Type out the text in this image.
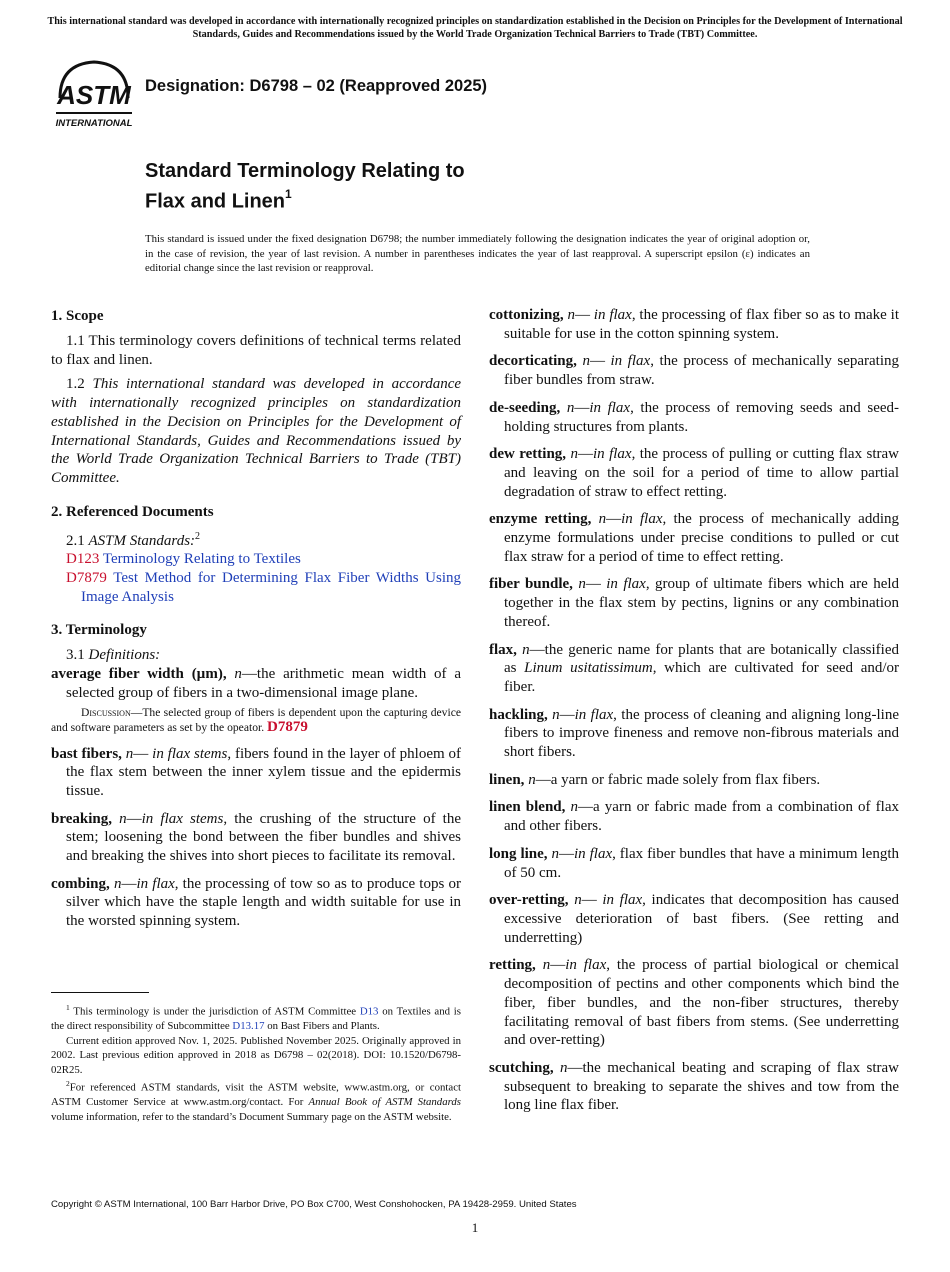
This international standard was developed in accordance with internationally recognized principles on standardization established in the Decision on Principles for the Development of International Standards, Guides and Recommendations issued by the World Trade Organization Technical Barriers to Trade (TBT) Committee.
ASTM
INTERNATIONAL
Designation: D6798 – 02 (Reapproved 2025)
Standard Terminology Relating to
Flax and Linen$^1$
This standard is issued under the fixed designation D6798; the number immediately following the designation indicates the year of original adoption or, in the case of revision, the year of last revision. A number in parentheses indicates the year of last reapproval. A superscript epsilon (ε) indicates an editorial change since the last revision or reapproval.
1. Scope

1.1 This terminology covers definitions of technical terms related to flax and linen.

1.2 This international standard was developed in accordance with internationally recognized principles on standardization established in the Decision on Principles for the Development of International Standards, Guides and Recommendations issued by the World Trade Organization Technical Barriers to Trade (TBT) Committee.

2. Referenced Documents

2.1 ASTM Standards:$^2$

D123 Terminology Relating to Textiles

D7879 Test Method for Determining Flax Fiber Widths Using Image Analysis

3. Terminology

3.1 Definitions:

average fiber width (µm), n—the arithmetic mean width of a selected group of fibers in a two-dimensional image plane.

Discussion—The selected group of fibers is dependent upon the capturing device and software parameters as set by the opeator. D7879

bast fibers, n— in flax stems, fibers found in the layer of phloem of the flax stem between the inner xylem tissue and the epidermis tissue.

breaking, n—in flax stems, the crushing of the structure of the stem; loosening the bond between the fiber bundles and shives and breaking the shives into short pieces to facilitate its removal.

combing, n—in flax, the processing of tow so as to produce tops or silver which have the staple length and width suitable for use in the worsted spinning system.

cottonizing, n— in flax, the processing of flax fiber so as to make it suitable for use in the cotton spinning system.

decorticating, n— in flax, the process of mechanically separating fiber bundles from straw.

de-seeding, n—in flax, the process of removing seeds and seed-holding structures from plants.

dew retting, n—in flax, the process of pulling or cutting flax straw and leaving on the soil for a period of time to allow partial degradation of straw to effect retting.

enzyme retting, n—in flax, the process of mechanically adding enzyme formulations under precise conditions to pulled or cut flax straw for a period of time to effect retting.

fiber bundle, n— in flax, group of ultimate fibers which are held together in the flax stem by pectins, lignins or any combination thereof.

flax, n—the generic name for plants that are botanically classified as Linum usitatissimum, which are cultivated for seed and/or fiber.

hackling, n—in flax, the process of cleaning and aligning long-line fibers to improve fineness and remove non-fibrous materials and short fibers.

linen, n—a yarn or fabric made solely from flax fibers.

linen blend, n—a yarn or fabric made from a combination of flax and other fibers.

long line, n—in flax, flax fiber bundles that have a minimum length of 50 cm.

over-retting, n— in flax, indicates that decomposition has caused excessive deterioration of bast fibers. (See retting and underretting)

retting, n—in flax, the process of partial biological or chemical decomposition of pectins and other components which bind the fiber, fiber bundles, and the non-fiber structures, thereby facilitating removal of bast fibers from stems. (See underretting and over-retting)

scutching, n—the mechanical beating and scraping of flax straw subsequent to breaking to separate the shives and tow from the long line flax fiber.

$^1$ This terminology is under the jurisdiction of ASTM Committee D13 on Textiles and is the direct responsibility of Subcommittee D13.17 on Bast Fibers and Plants.

Current edition approved Nov. 1, 2025. Published November 2025. Originally approved in 2002. Last previous edition approved in 2018 as D6798 – 02(2018). DOI: 10.1520/D6798-02R25.

$^2$For referenced ASTM standards, visit the ASTM website, www.astm.org, or contact ASTM Customer Service at www.astm.org/contact. For Annual Book of ASTM Standards volume information, refer to the standard’s Document Summary page on the ASTM website.

Copyright © ASTM International, 100 Barr Harbor Drive, PO Box C700, West Conshohocken, PA 19428-2959. United States
1
